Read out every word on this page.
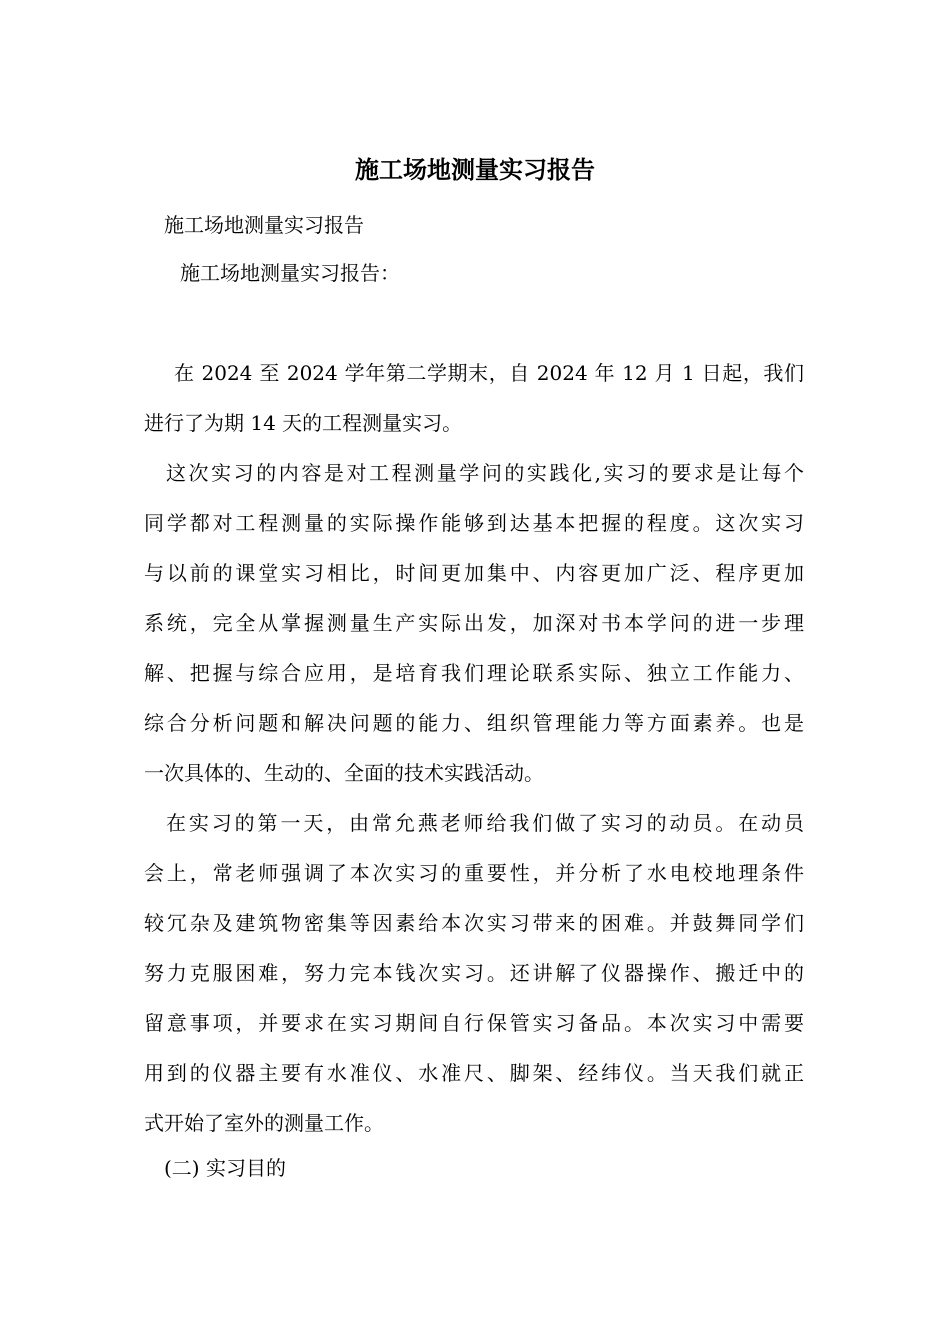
施工场地测量实习报告
施工场地测量实习报告
施工场地测量实习报告：
在 2024 至 2024 学年第二学期末，自 2024 年 12 月 1 日起，我们
进行了为期 14 天的工程测量实习。
这次实习的内容是对工程测量学问的实践化,实习的要求是让每个
同学都对工程测量的实际操作能够到达基本把握的程度。这次实习
与以前的课堂实习相比，时间更加集中、内容更加广泛、程序更加
系统，完全从掌握测量生产实际出发，加深对书本学问的进一步理
解、把握与综合应用，是培育我们理论联系实际、独立工作能力、
综合分析问题和解决问题的能力、组织管理能力等方面素养。也是
一次具体的、生动的、全面的技术实践活动。
在实习的第一天，由常允燕老师给我们做了实习的动员。在动员
会上，常老师强调了本次实习的重要性，并分析了水电校地理条件
较冗杂及建筑物密集等因素给本次实习带来的困难。并鼓舞同学们
努力克服困难，努力完本钱次实习。还讲解了仪器操作、搬迁中的
留意事项，并要求在实习期间自行保管实习备品。本次实习中需要
用到的仪器主要有水准仪、水准尺、脚架、经纬仪。当天我们就正
式开始了室外的测量工作。
(二) 实习目的
